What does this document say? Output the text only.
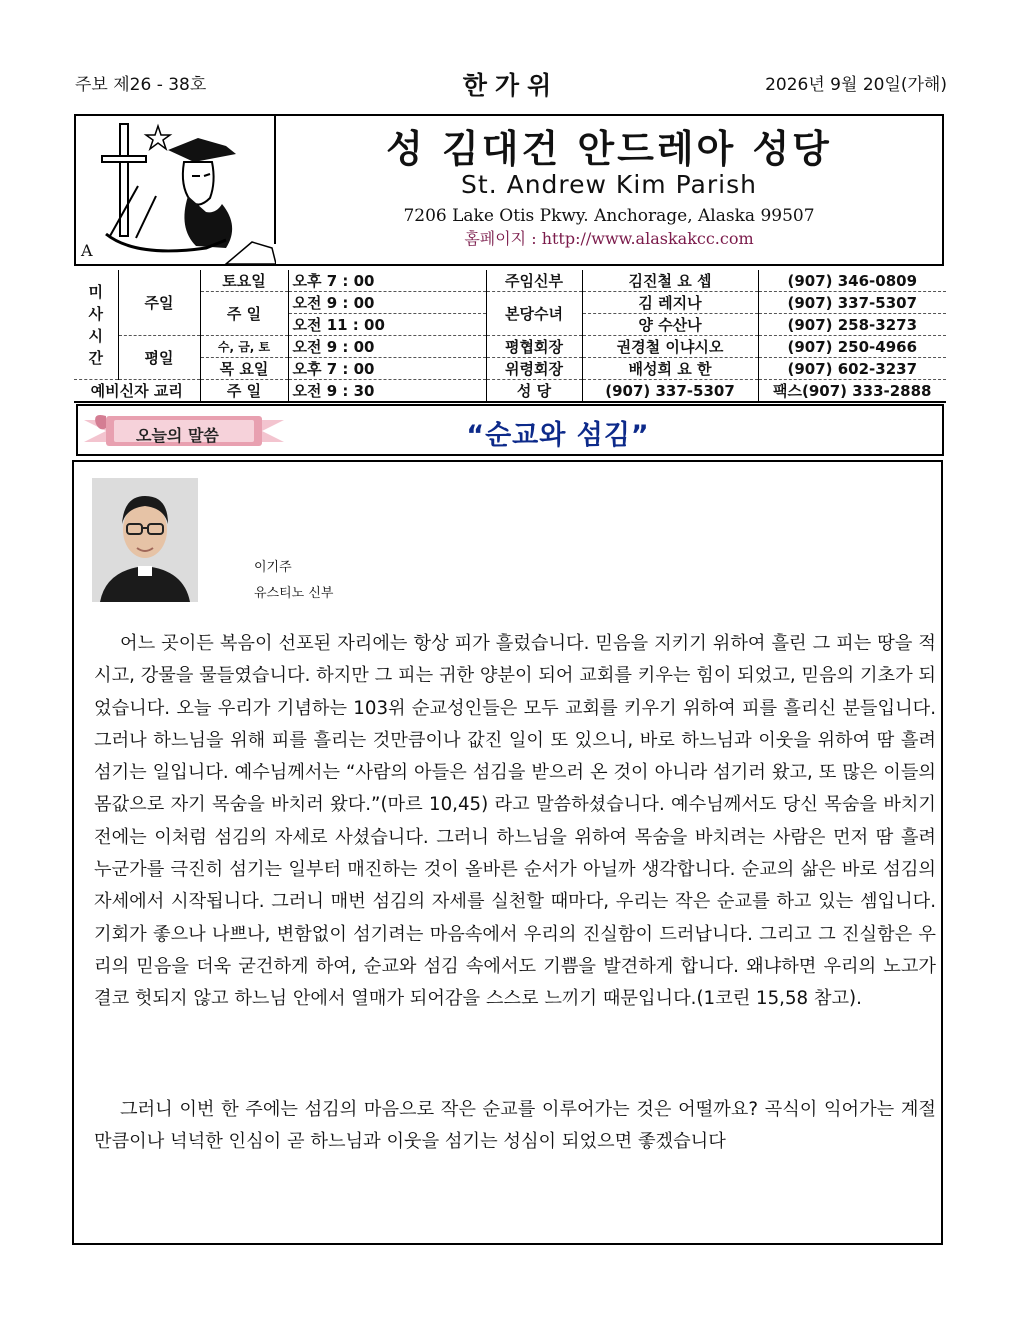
주보 제26 - 38호	한가위	2026년 9월 20일(가해)
A
성 김대건 안드레아 성당
St. Andrew Kim Parish
7206 Lake Otis Pkwy. Anchorage, Alaska 99507
홈페이지 : http://www.alaskakcc.com
미
사
시
간	주일	토요일	오후 7 : 00	주임신부	김진철 요 셉	(907) 346-0809
		주 일	오전 9 : 00	본당수녀	김 레지나	(907) 337-5307
			오전 11 : 00		양 수산나	(907) 258-3273
	평일	수, 금, 토	오전 9 : 00	평협회장	권경철 이냐시오	(907) 250-4966
		목 요일	오후 7 : 00	위령회장	배성희 요 한	(907) 602-3237
예비신자 교리		주 일	오전 9 : 30	성 당	(907) 337-5307	팩스(907) 333-2888
오늘의 말씀	“순교와 섬김”
이기주
유스티노 신부

어느 곳이든 복음이 선포된 자리에는 항상 피가 흘렀습니다. 믿음을 지키기 위하여 흘린 그 피는 땅을 적시고, 강물을 물들였습니다. 하지만 그 피는 귀한 양분이 되어 교회를 키우는 힘이 되었고, 믿음의 기초가 되었습니다. 오늘 우리가 기념하는 103위 순교성인들은 모두 교회를 키우기 위하여 피를 흘리신 분들입니다. 그러나 하느님을 위해 피를 흘리는 것만큼이나 값진 일이 또 있으니, 바로 하느님과 이웃을 위하여 땀 흘려 섬기는 일입니다. 예수님께서는 “사람의 아들은 섬김을 받으러 온 것이 아니라 섬기러 왔고, 또 많은 이들의 몸값으로 자기 목숨을 바치러 왔다.”(마르 10,45) 라고 말씀하셨습니다. 예수님께서도 당신 목숨을 바치기 전에는 이처럼 섬김의 자세로 사셨습니다. 그러니 하느님을 위하여 목숨을 바치려는 사람은 먼저 땀 흘려 누군가를 극진히 섬기는 일부터 매진하는 것이 올바른 순서가 아닐까 생각합니다. 순교의 삶은 바로 섬김의 자세에서 시작됩니다. 그러니 매번 섬김의 자세를 실천할 때마다, 우리는 작은 순교를 하고 있는 셈입니다. 기회가 좋으나 나쁘나, 변함없이 섬기려는 마음속에서 우리의 진실함이 드러납니다. 그리고 그 진실함은 우리의 믿음을 더욱 굳건하게 하여, 순교와 섬김 속에서도 기쁨을 발견하게 합니다. 왜냐하면 우리의 노고가 결코 헛되지 않고 하느님 안에서 열매가 되어감을 스스로 느끼기 때문입니다.(1코린 15,58 참고).

그러니 이번 한 주에는 섬김의 마음으로 작은 순교를 이루어가는 것은 어떨까요? 곡식이 익어가는 계절만큼이나 넉넉한 인심이 곧 하느님과 이웃을 섬기는 성심이 되었으면 좋겠습니다
